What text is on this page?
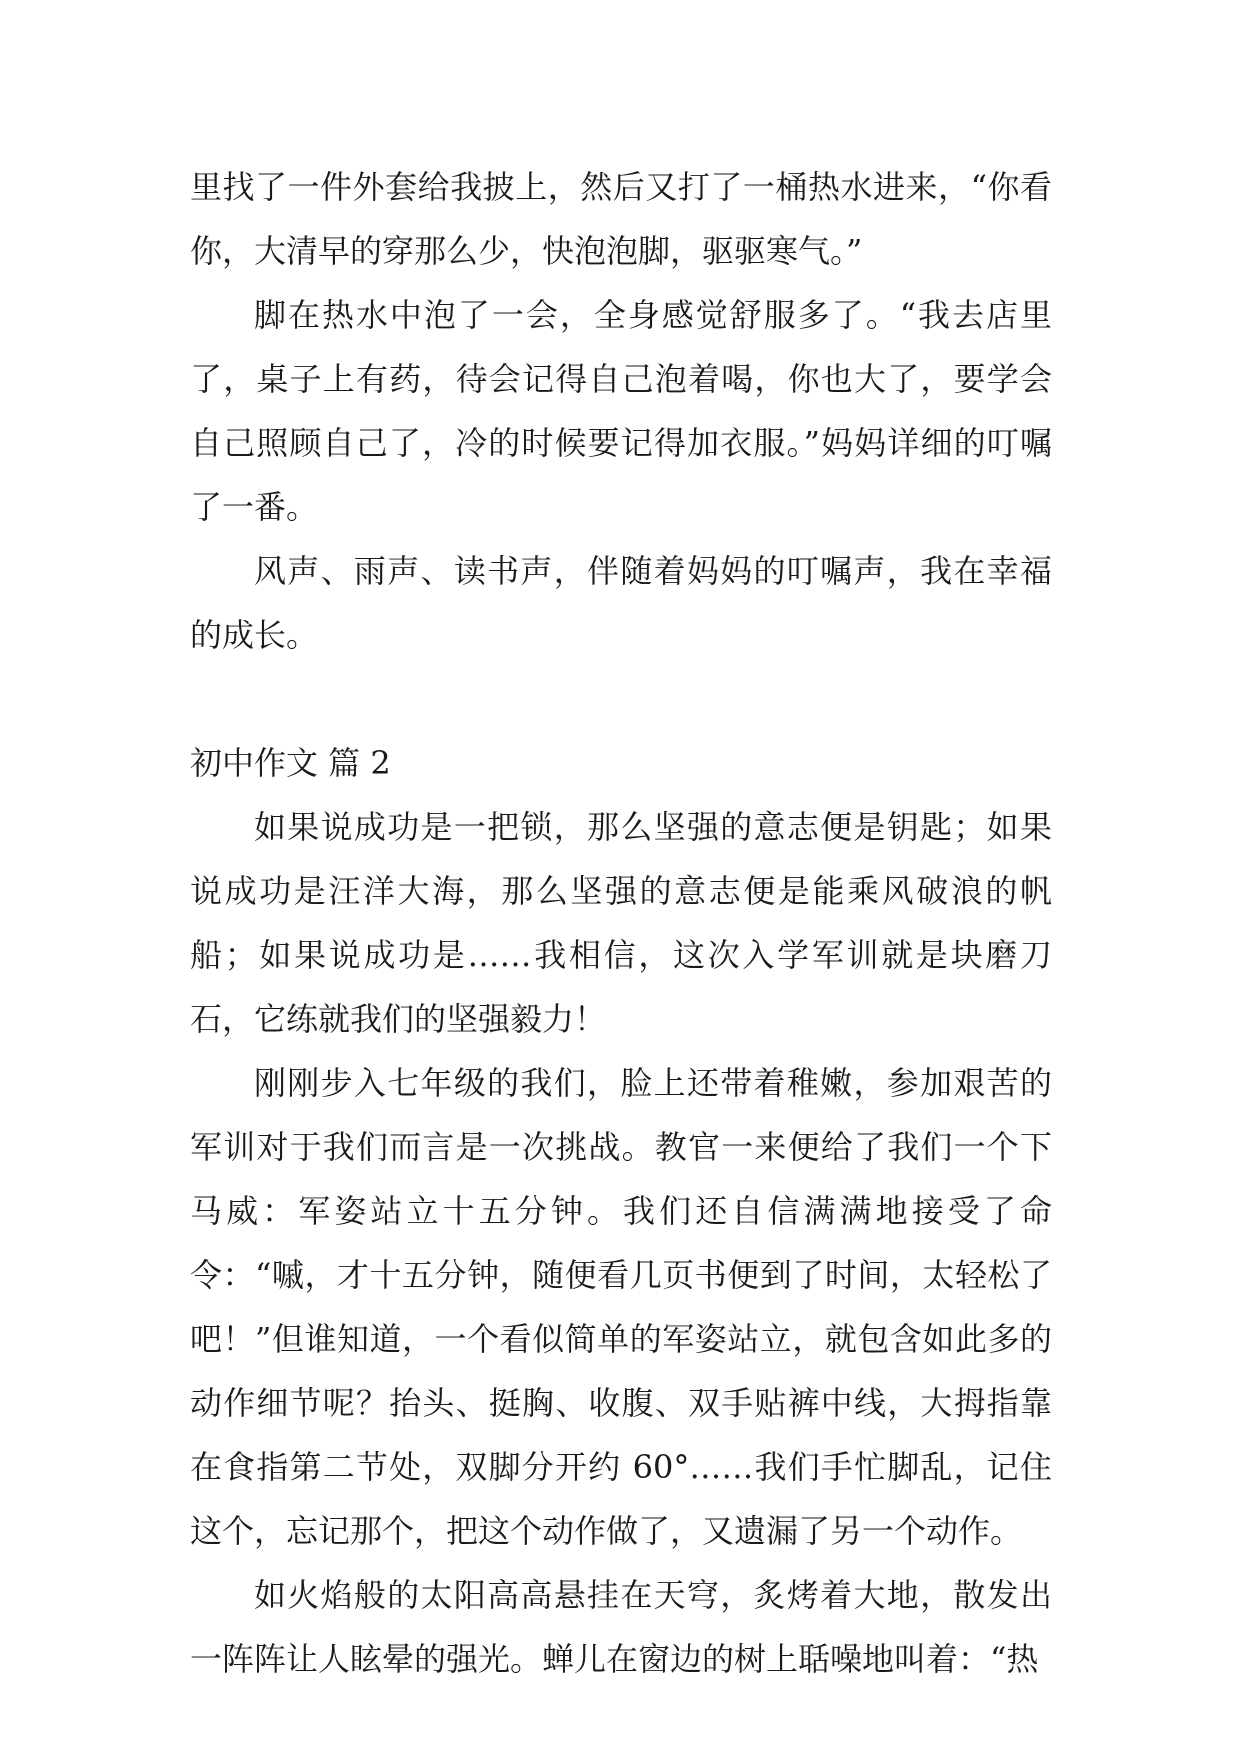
里找了一件外套给我披上，然后又打了一桶热水进来，“你看你，大清早的穿那么少，快泡泡脚，驱驱寒气。”

脚在热水中泡了一会，全身感觉舒服多了。“我去店里了，桌子上有药，待会记得自己泡着喝，你也大了，要学会自己照顾自己了，冷的时候要记得加衣服。”妈妈详细的叮嘱了一番。

风声、雨声、读书声，伴随着妈妈的叮嘱声，我在幸福的成长。

初中作文 篇 2

如果说成功是一把锁，那么坚强的意志便是钥匙；如果说成功是汪洋大海，那么坚强的意志便是能乘风破浪的帆船；如果说成功是……我相信，这次入学军训就是块磨刀石，它练就我们的坚强毅力！

刚刚步入七年级的我们，脸上还带着稚嫩，参加艰苦的军训对于我们而言是一次挑战。教官一来便给了我们一个下马威：军姿站立十五分钟。我们还自信满满地接受了命令：“嘁，才十五分钟，随便看几页书便到了时间，太轻松了吧！”但谁知道，一个看似简单的军姿站立，就包含如此多的动作细节呢？抬头、挺胸、收腹、双手贴裤中线，大拇指靠在食指第二节处，双脚分开约 60°……我们手忙脚乱，记住这个，忘记那个，把这个动作做了，又遗漏了另一个动作。

如火焰般的太阳高高悬挂在天穹，炙烤着大地，散发出一阵阵让人眩晕的强光。蝉儿在窗边的树上聒噪地叫着：“热
